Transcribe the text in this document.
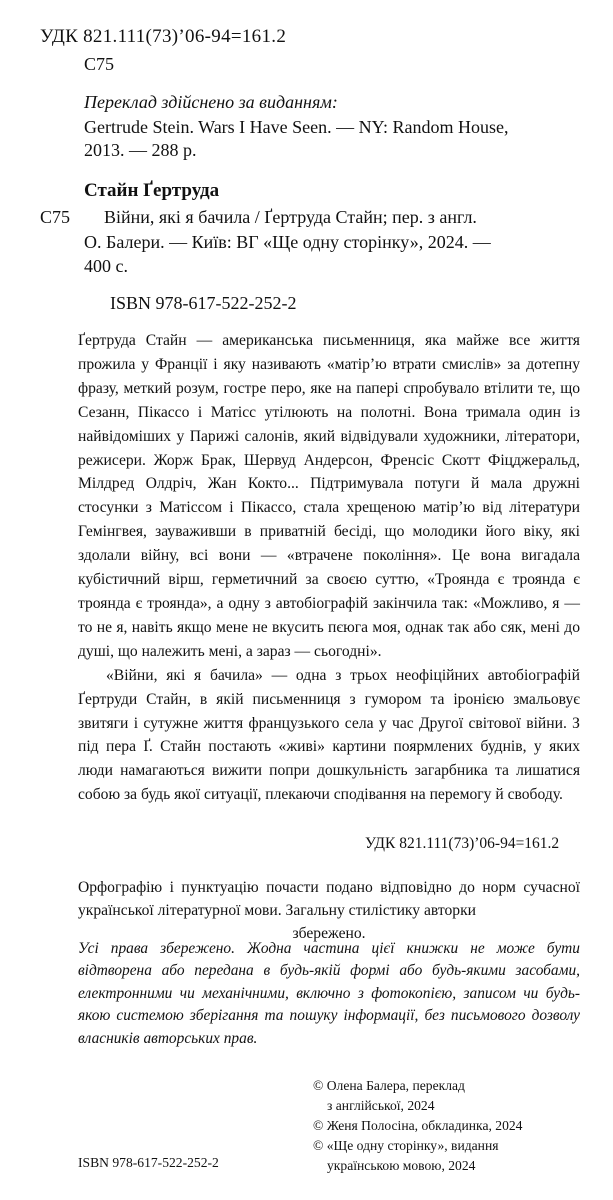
УДК 821.111(73)’06-94=161.2
С75
Переклад здійснено за виданням:
Gertrude Stein. Wars I Have Seen. — NY: Random House,
2013. — 288 p.
Стайн Ґертруда
С75 Війни, які я бачила / Ґертруда Стайн; пер. з англ.
О. Балери. — Київ: ВГ «Ще одну сторінку», 2024. —
400 с.
ISBN 978-617-522-252-2

Ґертруда Стайн — американська письменниця, яка майже все життя прожила у Франції і яку називають «матір’ю втрати смислів» за дотепну фразу, меткий розум, гостре перо, яке на папері спробувало втілити те, що Сезанн, Пікассо і Матісс утілюють на полотні. Вона тримала один із найвідоміших у Парижі салонів, який відвідували художники, літератори, режисери. Жорж Брак, Шервуд Андерсон, Френсіс Скотт Фіцджеральд, Мілдред Олдріч, Жан Кокто... Підтримувала потуги й мала дружні стосунки з Матіссом і Пікассо, стала хрещеною матір’ю від літератури Гемінгвея, зауваживши в приватній бесіді, що молодики його віку, які здолали війну, всі вони — «втрачене покоління». Це вона вигадала кубістичний вірш, герметичний за своєю суттю, «Троянда є троянда є троянда є троянда», а одну з автобіографій закінчила так: «Можливо, я — то не я, навіть якщо мене не вкусить пєюга моя, однак так або сяк, мені до душі, що належить мені, а зараз — сьогодні».

«Війни, які я бачила» — одна з трьох неофіційних автобіографій Ґертруди Стайн, в якій письменниця з гумором та іронією змальовує звитяги і сутужне життя французького села у час Другої світової війни. З під пера Ґ. Стайн постають «живі» картини поярмлених буднів, у яких люди намагаються вижити попри дошкульність загарбника та лишатися собою за будь якої ситуації, плекаючи сподівання на перемогу й свободу.

УДК 821.111(73)’06-94=161.2
Орфографію і пунктуацію почасти подано відповідно до норм сучасної української літературної мови. Загальну стилістику авторки
збережено.
Усі права збережено. Жодна частина цієї книжки не може бути відтворена або передана в будь-якій формі або будь-якими засобами, електронними чи механічними, включно з фотокопією, записом чи будь-якою системою зберігання та пошуку інформації, без письмового дозволу власників авторських прав.
© Олена Балера, переклад
з англійської, 2024
© Женя Полосіна, обкладинка, 2024
© «Ще одну сторінку», видання
українською мовою, 2024
ISBN 978-617-522-252-2
